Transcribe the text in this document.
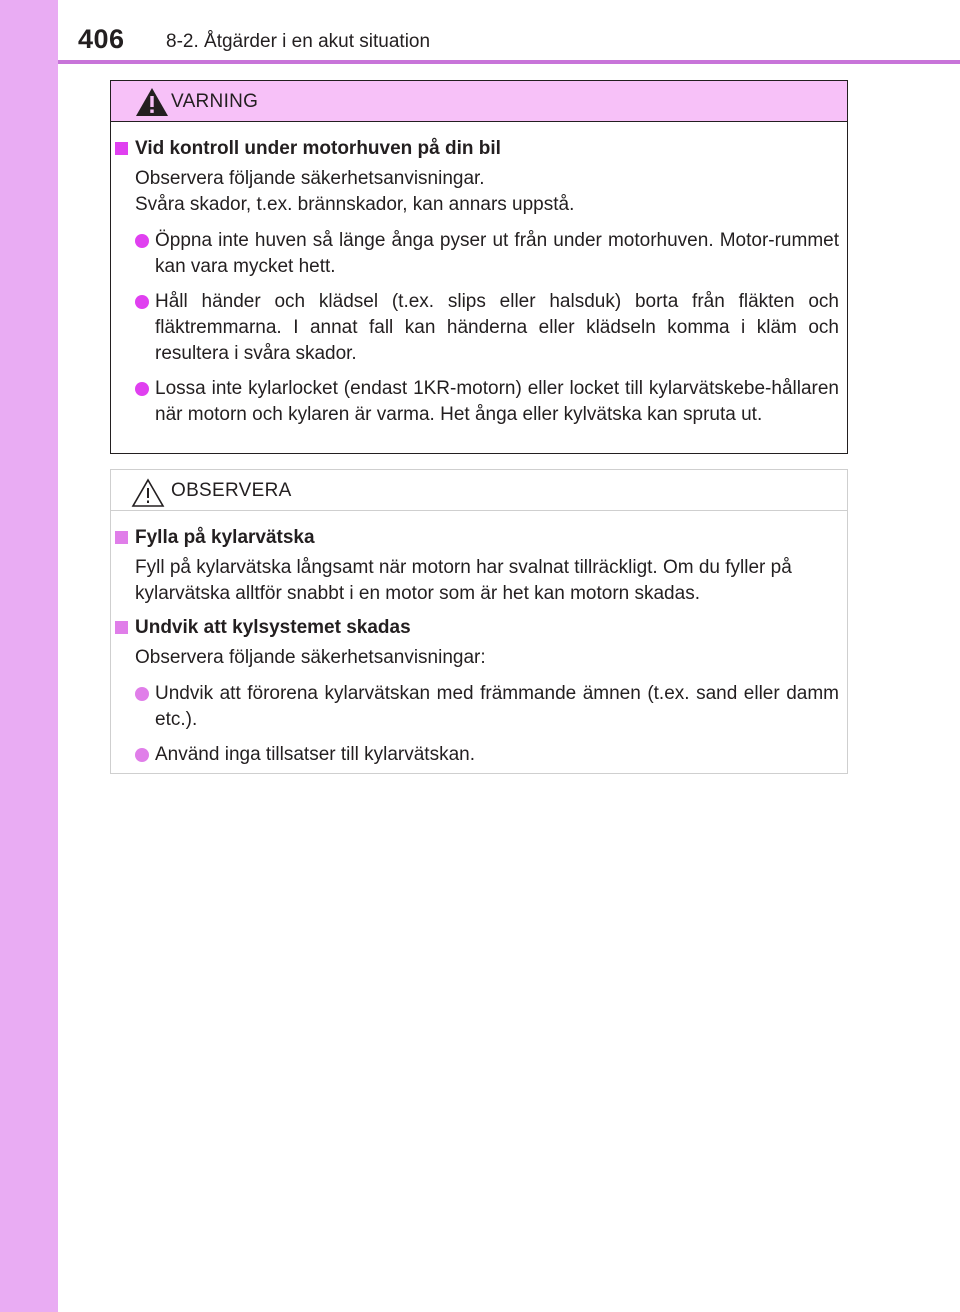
406 8-2. Åtgärder i en akut situation
VARNING
Vid kontroll under motorhuven på din bil
Observera följande säkerhetsanvisningar.
Svåra skador, t.ex. brännskador, kan annars uppstå.
Öppna inte huven så länge ånga pyser ut från under motorhuven. Motor-rummet kan vara mycket hett.
Håll händer och klädsel (t.ex. slips eller halsduk) borta från fläkten och fläktremmarna. I annat fall kan händerna eller klädseln komma i kläm och resultera i svåra skador.
Lossa inte kylarlocket (endast 1KR-motorn) eller locket till kylarvätskebe-hållaren när motorn och kylaren är varma. Het ånga eller kylvätska kan spruta ut.
OBSERVERA
Fylla på kylarvätska
Fyll på kylarvätska långsamt när motorn har svalnat tillräckligt. Om du fyller på kylarvätska alltför snabbt i en motor som är het kan motorn skadas.
Undvik att kylsystemet skadas
Observera följande säkerhetsanvisningar:
Undvik att förorena kylarvätskan med främmande ämnen (t.ex. sand eller damm etc.).
Använd inga tillsatser till kylarvätskan.
